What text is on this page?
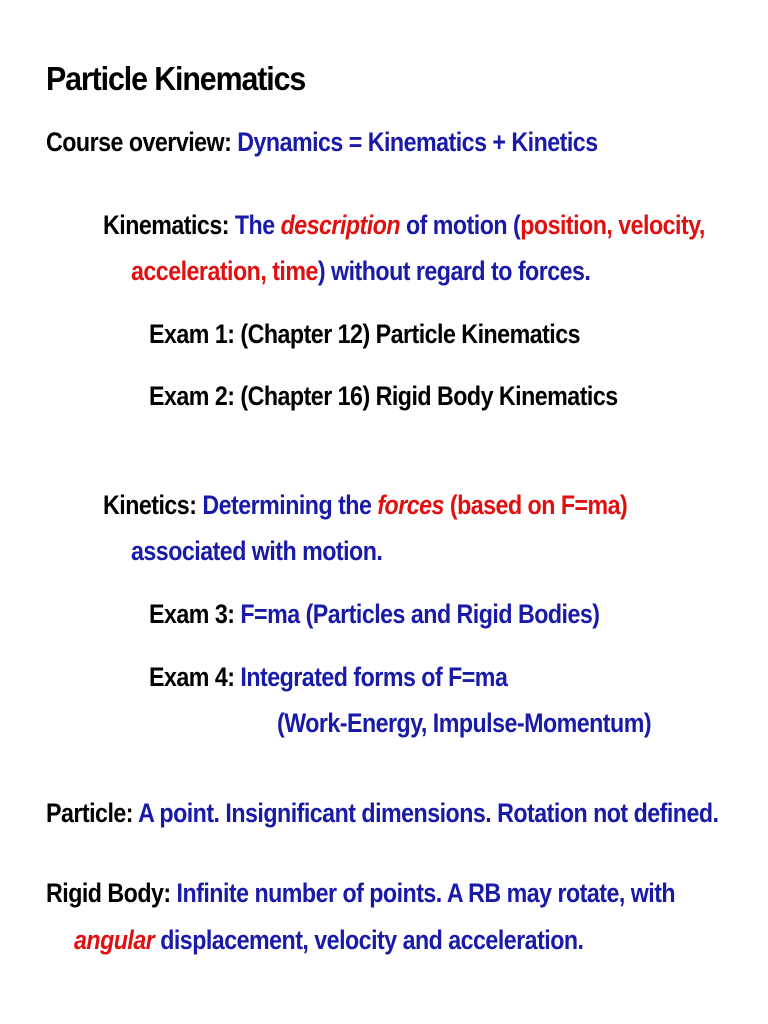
Particle Kinematics
Course overview: Dynamics = Kinematics + Kinetics
Kinematics: The description of motion (position, velocity,
acceleration, time) without regard to forces.
Exam 1: (Chapter 12) Particle Kinematics
Exam 2: (Chapter 16) Rigid Body Kinematics
Kinetics: Determining the forces (based on F=ma)
associated with motion.
Exam 3: F=ma (Particles and Rigid Bodies)
Exam 4: Integrated forms of F=ma
(Work-Energy, Impulse-Momentum)
Particle: A point. Insignificant dimensions. Rotation not defined.
Rigid Body: Infinite number of points. A RB may rotate, with
angular displacement, velocity and acceleration.
